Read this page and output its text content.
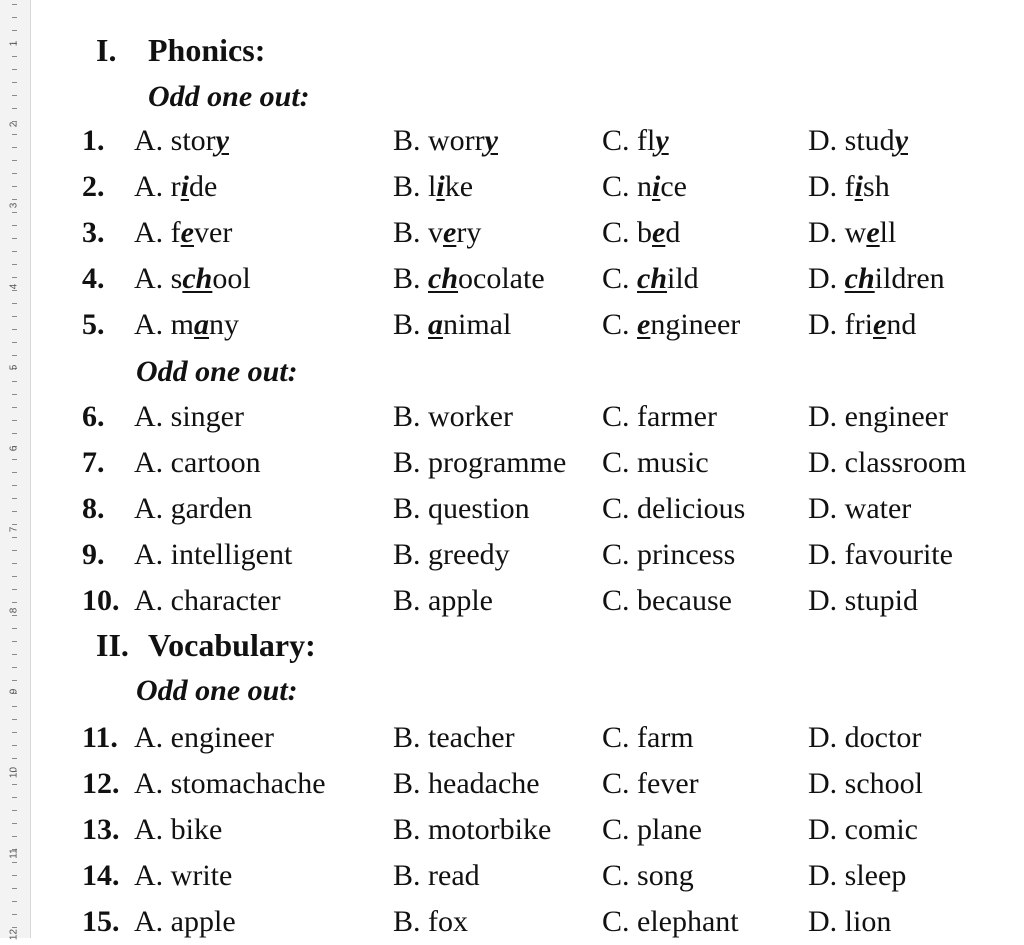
1
2
3
4
5
6
7
8
9
10
11
12
I. Phonics:
Odd one out:
1. A. story	B. worry	C. fly	D. study
2. A. ride	B. like	C. nice	D. fish
3. A. fever	B. very	C. bed	D. well
4. A. school	B. chocolate C. child	D. children
5. A. many	B. animal	C. engineer D. friend
Odd one out:
6. A. singer	B. worker	C. farmer	D. engineer
7. A. cartoon	B. programme C. music	D. classroom
8. A. garden	B. question C. delicious D. water
9. A. intelligent	B. greedy	C. princess D. favourite
10. A. character	B. apple	C. because	D. stupid
II. Vocabulary:
Odd one out:
11. A. engineer	B. teacher	C. farm	D. doctor
12. A. stomachache B. headache C. fever	D. school
13. A. bike	B. motorbike C. plane	D. comic
14. A. write	B. read	C. song	D. sleep
15. A. apple	B. fox	C. elephant D. lion
